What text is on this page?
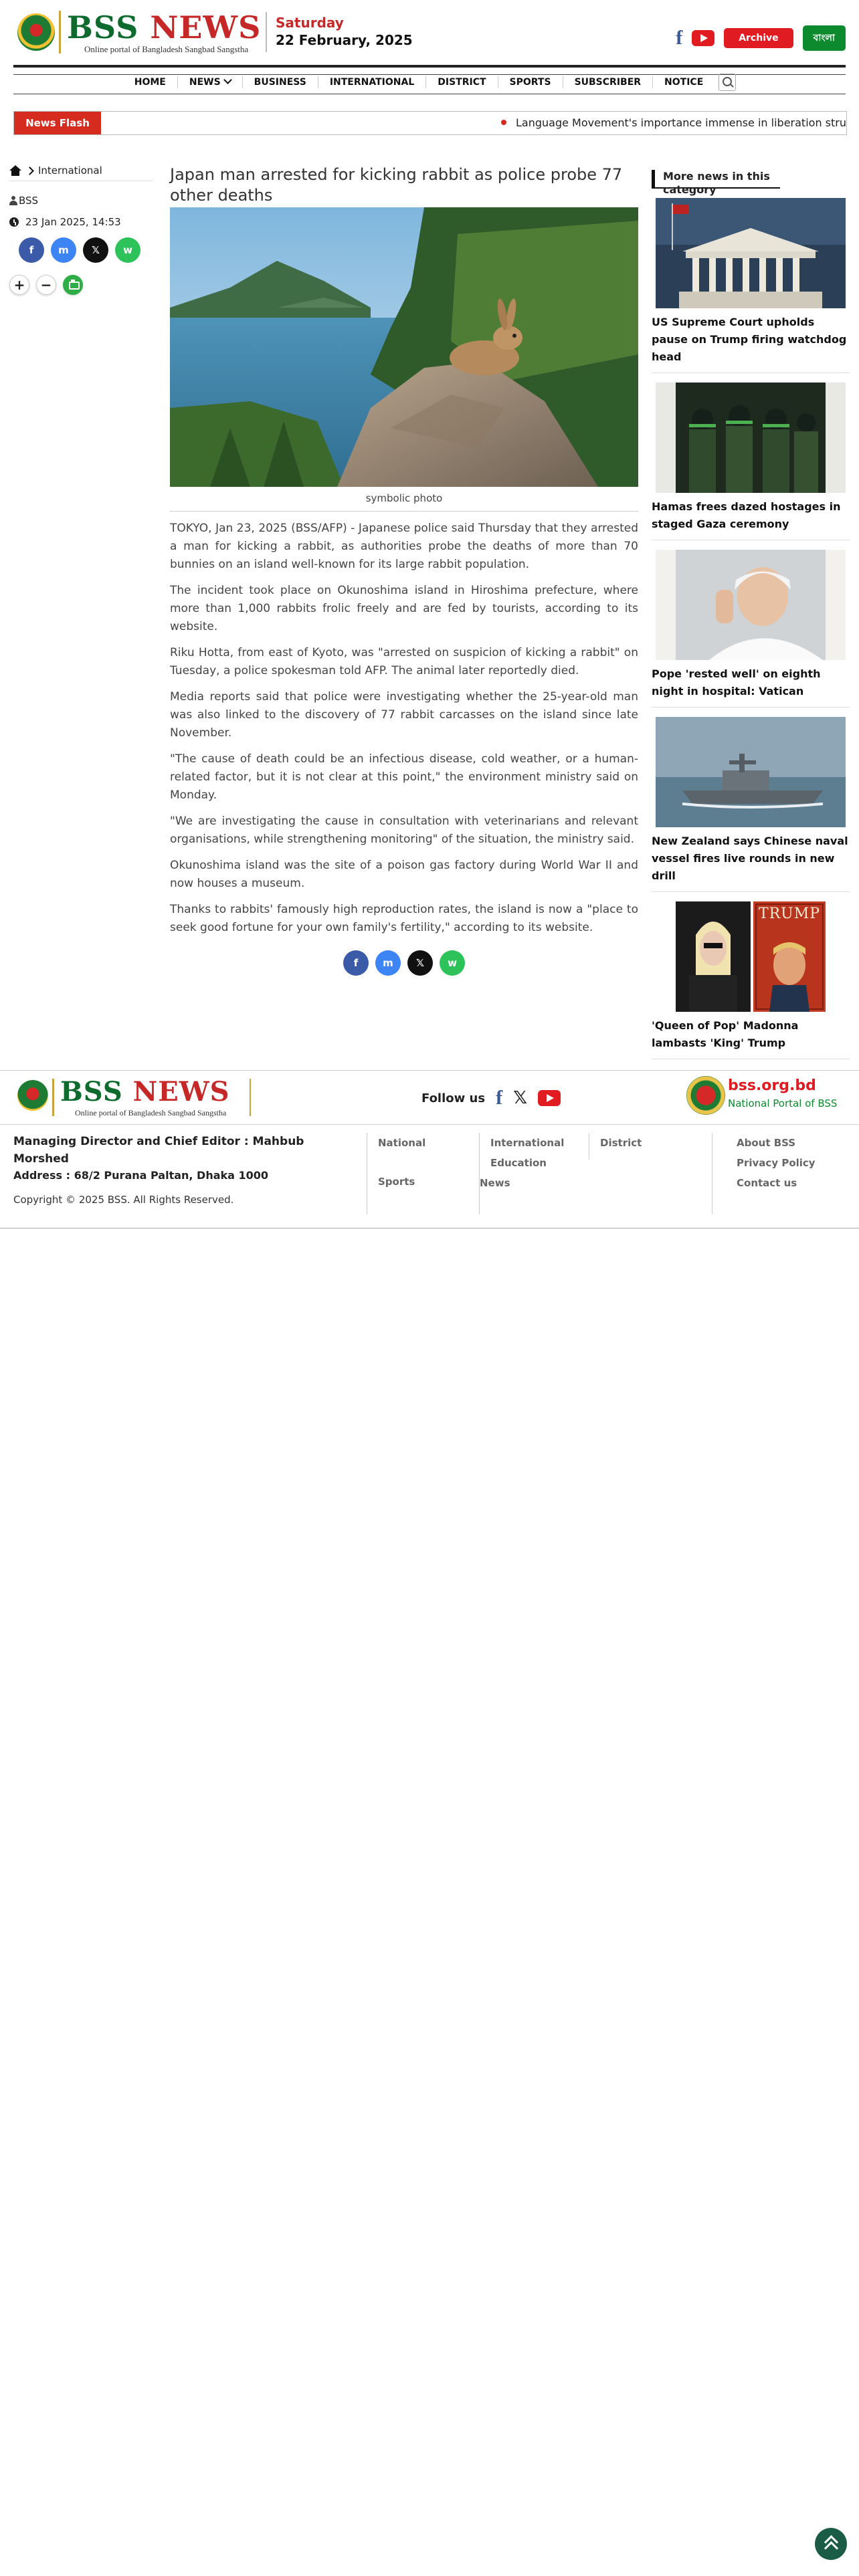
BSS NEWS
Online portal of Bangladesh Sangbad Sangstha
Saturday
22 February, 2025	f	Archive	বাংলা
HOME	NEWS	BUSINESS	INTERNATIONAL	DISTRICT	SPORTS	SUBSCRIBER	NOTICE
News Flash	Language Movement's importance immense in liberation stru
International
BSS
23 Jan 2025, 14:53
f	m	𝕏	w
+	−
Japan man arrested for kicking rabbit as police probe 77 other deaths
symbolic photo

TOKYO, Jan 23, 2025 (BSS/AFP) - Japanese police said Thursday that they arrested a man for kicking a rabbit, as authorities probe the deaths of more than 70 bunnies on an island well-known for its large rabbit population.

The incident took place on Okunoshima island in Hiroshima prefecture, where more than 1,000 rabbits frolic freely and are fed by tourists, according to its website.

Riku Hotta, from east of Kyoto, was "arrested on suspicion of kicking a rabbit" on Tuesday, a police spokesman told AFP. The animal later reportedly died.

Media reports said that police were investigating whether the 25-year-old man was also linked to the discovery of 77 rabbit carcasses on the island since late November.

"The cause of death could be an infectious disease, cold weather, or a human-related factor, but it is not clear at this point," the environment ministry said on Monday.

"We are investigating the cause in consultation with veterinarians and relevant organisations, while strengthening monitoring" of the situation, the ministry said.

Okunoshima island was the site of a poison gas factory during World War II and now houses a museum.

Thanks to rabbits' famously high reproduction rates, the island is now a "place to seek good fortune for your own family's fertility," according to its website.

f	m	𝕏	w
More news in this category
US Supreme Court upholds pause on Trump firing watchdog head
Hamas frees dazed hostages in staged Gaza ceremony
Pope 'rested well' on eighth night in hospital: Vatican
New Zealand says Chinese naval vessel fires live rounds in new drill
TRUMP
'Queen of Pop' Madonna lambasts 'King' Trump
BSS NEWS
Online portal of Bangladesh Sangbad Sangstha
Follow us f 𝕏
bss.org.bd
National Portal of BSS
Managing Director and Chief Editor : Mahbub Morshed
Address : 68/2 Purana Paltan, Dhaka 1000
Copyright © 2025 BSS. All Rights Reserved.
National
Sports
International
Education
News
District	About BSS
Privacy Policy
Contact us
